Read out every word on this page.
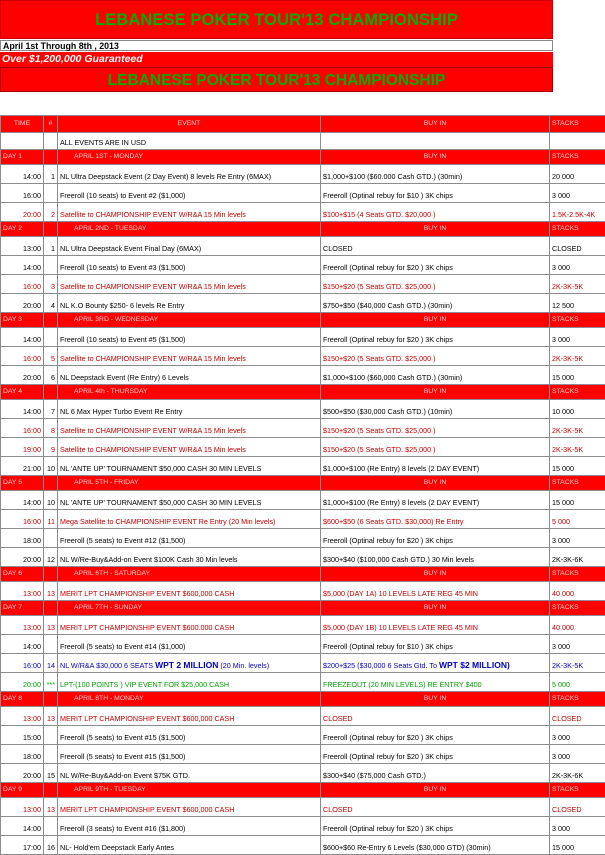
LEBANESE POKER TOUR'13 CHAMPIONSHIP
April 1st Through 8th , 2013
Over $1,200,000 Guaranteed
LEBANESE POKER TOUR'13 CHAMPIONSHIP
TIME	#	EVENT	BUY IN	STACKS
		ALL EVENTS ARE IN USD		
DAY 1		APRIL 1ST - MONDAY	BUY IN	STACKS
14:00	1	NL Ultra Deepstack Event (2 Day Event) 8 levels Re Entry (6MAX)	$1,000+$100 ($60.000 Cash GTD.) (30min)	20 000
16:00		Freeroll (10 seats) to Event #2 ($1,000)	Freeroll (Optinal rebuy for $10 ) 3K chips	3 000
20:00	2	Satellite to CHAMPIONSHIP EVENT W/R&A 15 Min levels	$100+$15 (4 Seats GTD. $20,000 )	1.5K-2.5K-4K
DAY 2		APRIL 2ND - TUESDAY	BUY IN	STACKS
13:00	1	NL Ultra Deepstack Event Final Day (6MAX)	CLOSED	CLOSED
14:00		Freeroll (10 seats) to Event #3 ($1,500)	Freeroll (Optinal rebuy for $20 ) 3K chips	3 000
16:00	3	Satellite to CHAMPIONSHIP EVENT W/R&A 15 Min levels	$150+$20 (5 Seats GTD. $25,000 )	2K-3K-5K
20:00	4	NL K.O Bounty $250- 6 levels Re Entry	$750+$50 ($40,000 Cash GTD.) (30min)	12 500
DAY 3		APRIL 3RD - WEDNESDAY	BUY IN	STACKS
14:00		Freeroll (10 seats) to Event #5 ($1,500)	Freeroll (Optinal rebuy for $20 ) 3K chips	3 000
16:00	5	Satellite to CHAMPIONSHIP EVENT W/R&A 15 Min levels	$150+$20 (5 Seats GTD. $25,000 )	2K-3K-5K
20:00	6	NL Deepstack Event (Re Entry) 6 Levels	$1,000+$100 ($60,000 Cash GTD.) (30min)	15 000
DAY 4		APRIL 4th - THURSDAY	BUY IN	STACKS
14:00	7	NL 6 Max Hyper Turbo Event Re Entry	$500+$50 ($30,000 Cash GTD.) (10min)	10 000
16:00	8	Satellite to CHAMPIONSHIP EVENT W/R&A 15 Min levels	$150+$20 (5 Seats GTD. $25,000 )	2K-3K-5K
19:00	9	Satellite to CHAMPIONSHIP EVENT W/R&A 15 Min levels	$150+$20 (5 Seats GTD. $25,000 )	2K-3K-5K
21:00	10	NL 'ANTE UP' TOURNAMENT $50,000 CASH 30 MIN LEVELS	$1,000+$100 (Re Entry) 8 levels (2 DAY EVENT)	15 000
DAY 5		APRIL 5TH - FRIDAY	BUY IN	STACKS
14:00	10	NL 'ANTE UP' TOURNAMENT $50,000 CASH 30 MIN LEVELS	$1,000+$100 (Re Entry) 8 levels (2 DAY EVENT)	15 000
16:00	11	Mega Satellite to CHAMPIONSHIP EVENT Re Entry (20 Min levels)	$600+$50 (6 Seats GTD. $30,000) Re Entry	5 000
18:00		Freeroll (5 seats) to Event #12 ($1,500)	Freeroll (Optinal rebuy for $20 ) 3K chips	3 000
20:00	12	NL W/Re-Buy&Add-on Event $100K Cash 30 Min levels	$300+$40 ($100,000 Cash GTD.) 30 Min levels	2K-3K-6K
DAY 6		APRIL 6TH - SATURDAY	BUY IN	STACKS
13:00	13	MERIT LPT CHAMPIONSHIP EVENT $600,000 CASH	$5,000 (DAY 1A) 10 LEVELS LATE REG 45 MIN	40 000
DAY 7		APRIL 7TH - SUNDAY	BUY IN	STACKS
13:00	13	MERIT LPT CHAMPIONSHIP EVENT $600.000 CASH	$5,000 (DAY 1B) 10 LEVELS LATE REG 45 MIN	40 000
14:00		Freeroll (5 seats) to Event #14 ($1,000)	Freeroll (Optinal rebuy for $10 ) 3K chips	3 000
16:00	14	NL W/R&A $30,000 6 SEATS WPT 2 MILLION (20 Min. levels)	$200+$25 ($30,000 6 Seats Gtd. To WPT $2 MILLION)	2K-3K-5K
20:00	***	LPT-(100 POINTS ) VIP EVENT FOR $25,000 CASH	FREEZEOUT (20 MIN LEVELS) RE ENTRY $400	5 000
DAY 8		APRIL 8TH - MONDAY	BUY IN	STACKS
13:00	13	MERIT LPT CHAMPIONSHIP EVENT $600,000 CASH	CLOSED	CLOSED
15:00		Freeroll (5 seats) to Event #15 ($1,500)	Freeroll (Optinal rebuy for $20 ) 3K chips	3 000
18:00		Freeroll (5 seats) to Event #15 ($1,500)	Freeroll (Optinal rebuy for $20 ) 3K chips	3 000
20:00	15	NL W/Re-Buy&Add-on Event $75K GTD.	$300+$40 ($75,000 Cash GTD.)	2K-3K-6K
DAY 9		APRIL 9TH - TUESDAY	BUY IN	STACKS
13:00	13	MERIT LPT CHAMPIONSHIP EVENT $600,000 CASH	CLOSED	CLOSED
14:00		Freeroll (3 seats) to Event #16 ($1,800)	Freeroll (Optinal rebuy for $20 ) 3K chips	3 000
17:00	16	NL- Hold'em Deepstack Early Antes	$600+$60 Re-Entry 6 Levels ($30,000 GTD) (30min)	15 000
